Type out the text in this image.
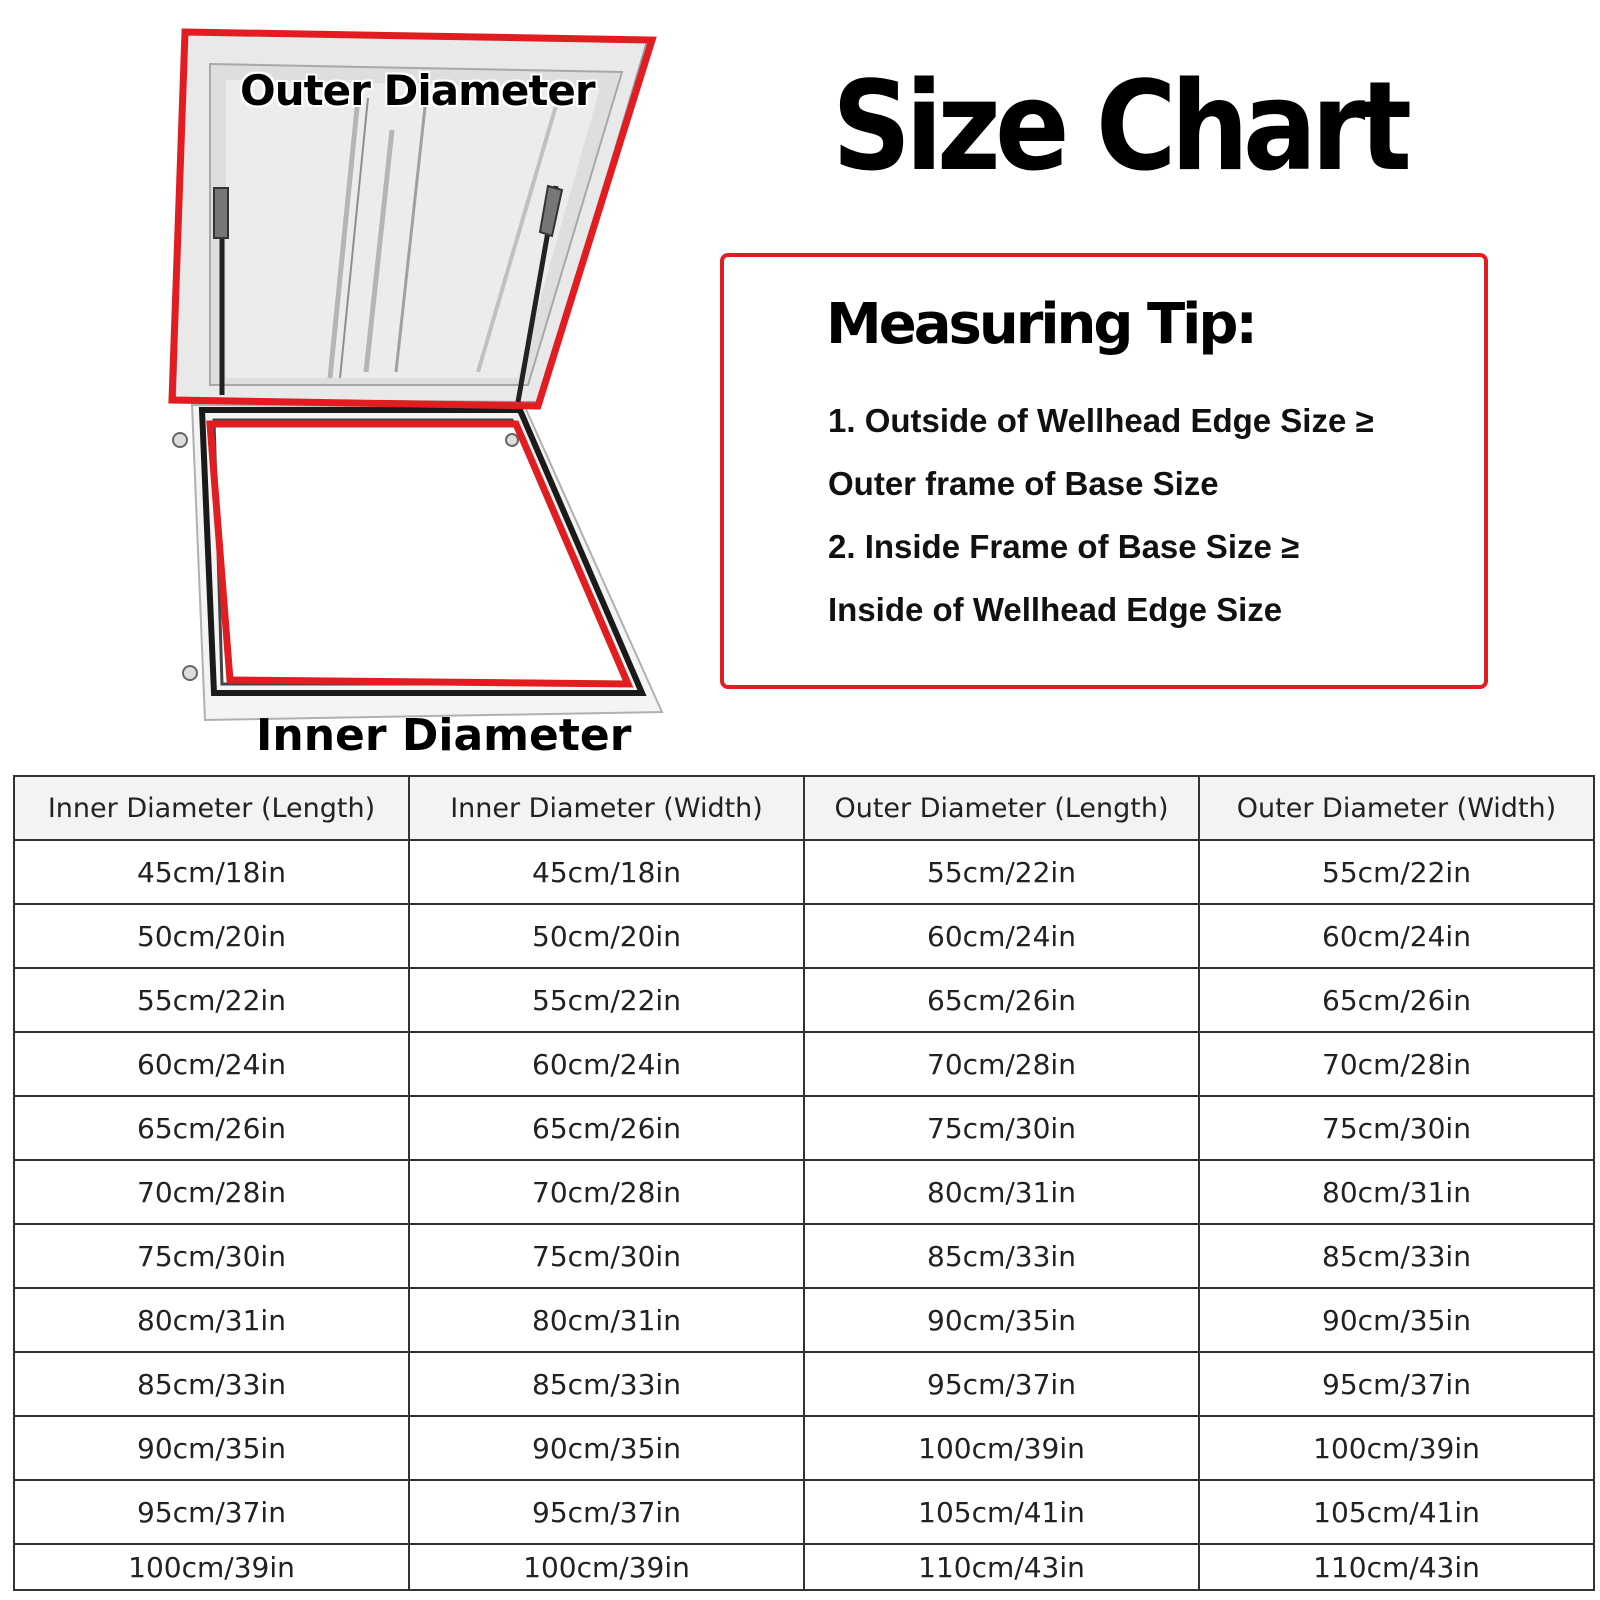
Outer Diameter
Inner Diameter
Size Chart
Measuring Tip:
1. Outside of Wellhead Edge Size ≥
Outer frame of Base Size
2. Inside Frame of Base Size ≥
Inside of Wellhead Edge Size
Inner Diameter (Length)	Inner Diameter (Width)	Outer Diameter (Length)	Outer Diameter (Width)
45cm/18in	45cm/18in	55cm/22in	55cm/22in
50cm/20in	50cm/20in	60cm/24in	60cm/24in
55cm/22in	55cm/22in	65cm/26in	65cm/26in
60cm/24in	60cm/24in	70cm/28in	70cm/28in
65cm/26in	65cm/26in	75cm/30in	75cm/30in
70cm/28in	70cm/28in	80cm/31in	80cm/31in
75cm/30in	75cm/30in	85cm/33in	85cm/33in
80cm/31in	80cm/31in	90cm/35in	90cm/35in
85cm/33in	85cm/33in	95cm/37in	95cm/37in
90cm/35in	90cm/35in	100cm/39in	100cm/39in
95cm/37in	95cm/37in	105cm/41in	105cm/41in
100cm/39in	100cm/39in	110cm/43in	110cm/43in
